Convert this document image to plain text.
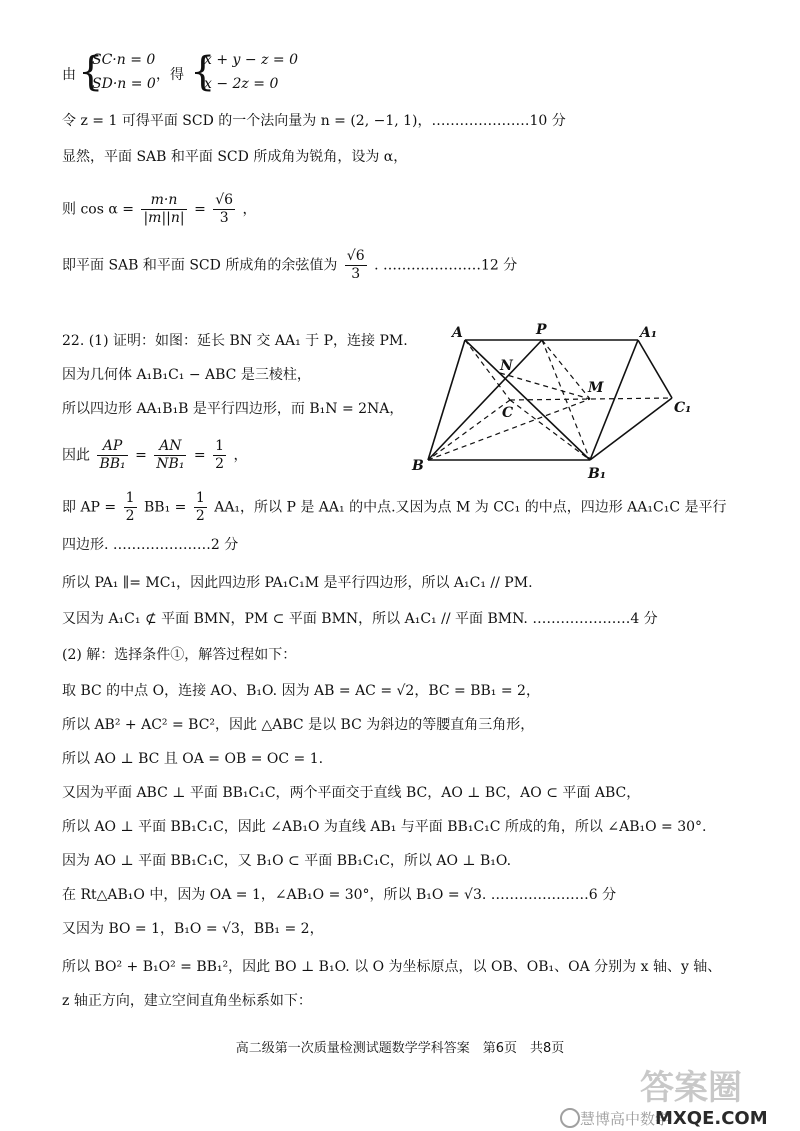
由 {
SC·n = 0
SD·n = 0
，得 {
x + y − z = 0
x − 2z = 0
令 z = 1 可得平面 SCD 的一个法向量为 n = (2, −1, 1)，…………………10 分
显然，平面 SAB 和平面 SCD 所成角为锐角，设为 α，
则 $\cos \alpha = \frac{m\cdot n}{|m||n|} = \frac{√6}{3}$ ，
即平面 SAB 和平面 SCD 所成角的余弦值为 $\frac{√6}{3}$ . …………………12 分
22. (1) 证明：如图：延长 BN 交 AA₁ 于 P，连接 PM.
因为几何体 A₁B₁C₁ − ABC 是三棱柱，
所以四边形 AA₁B₁B 是平行四边形，而 B₁N = 2NA，
因此 $\frac{AP}{\text{BB₁}} = \frac{AN}{\text{NB₁}} = \frac{1}{2}$ ，
即 AP = $\frac{1}{2} BB_1 = \frac{1}{2} AA_1$，所以 P 是 AA₁ 的中点.又因为点 M 为 CC₁ 的中点，四边形 AA₁C₁C 是平行
四边形. …………………2 分
所以 PA₁ ∥= MC₁，因此四边形 PA₁C₁M 是平行四边形，所以 A₁C₁ // PM.
又因为 A₁C₁ ⊄ 平面 BMN，PM ⊂ 平面 BMN，所以 A₁C₁ // 平面 BMN. …………………4 分
(2) 解：选择条件①，解答过程如下：
取 BC 的中点 O，连接 AO、B₁O. 因为 AB = AC = √2，BC = BB₁ = 2，
所以 AB² + AC² = BC²，因此 △ABC 是以 BC 为斜边的等腰直角三角形，
所以 AO ⊥ BC 且 OA = OB = OC = 1.
又因为平面 ABC ⊥ 平面 BB₁C₁C，两个平面交于直线 BC，AO ⊥ BC，AO ⊂ 平面 ABC，
所以 AO ⊥ 平面 BB₁C₁C，因此 ∠AB₁O 为直线 AB₁ 与平面 BB₁C₁C 所成的角，所以 ∠AB₁O = 30°.
因为 AO ⊥ 平面 BB₁C₁C，又 B₁O ⊂ 平面 BB₁C₁C，所以 AO ⊥ B₁O.
在 Rt△AB₁O 中，因为 OA = 1，∠AB₁O = 30°，所以 B₁O = √3. …………………6 分
又因为 BO = 1，B₁O = √3，BB₁ = 2，
所以 BO² + B₁O² = BB₁²，因此 BO ⊥ B₁O. 以 O 为坐标原点，以 OB、OB₁、OA 分别为 x 轴、y 轴、
z 轴正方向，建立空间直角坐标系如下：
A	P	A₁
N
M
C	C₁
B	B₁
高二级第一次质量检测试题数学学科答案　第6页　共8页
慧博高中数学
答案圈
MXQE.COM
